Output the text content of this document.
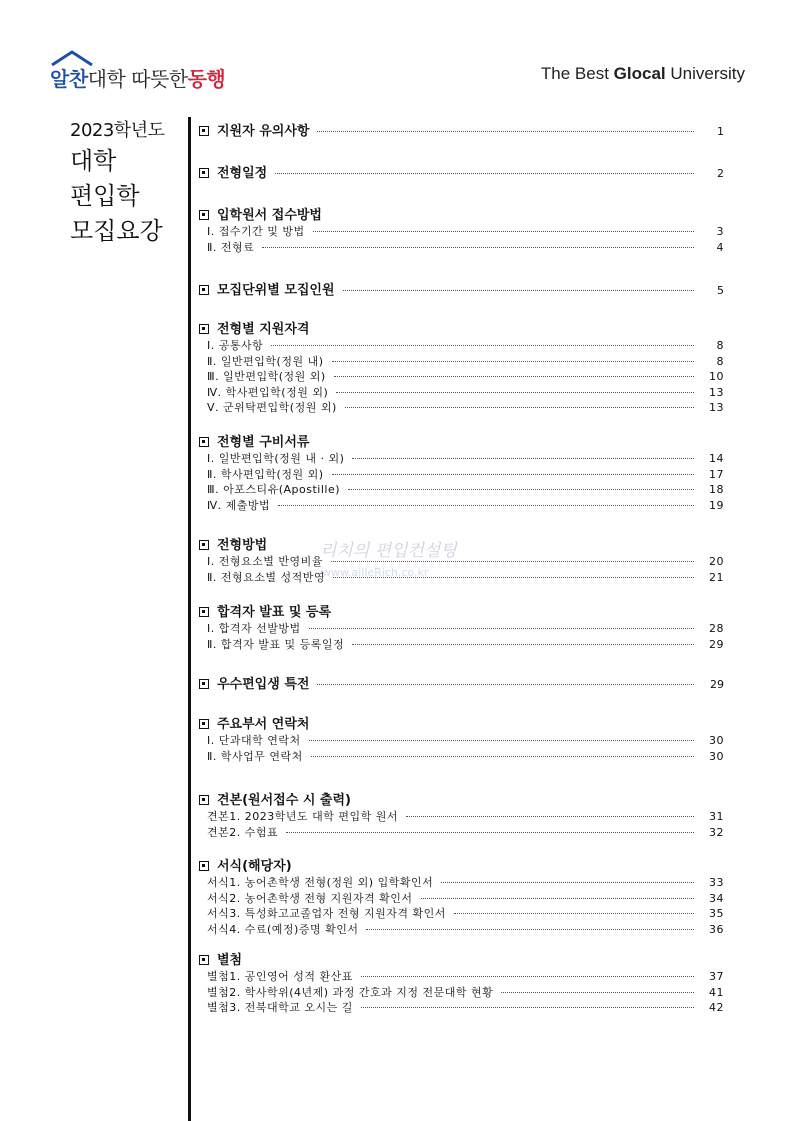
알찬대학 따뜻한동행	The Best Glocal University
2023학년도
대학
편입학
모집요강
지원자 유의사항	1
전형일정	2
입학원서 접수방법
Ⅰ. 접수기간 및 방법	3
Ⅱ. 전형료	4
모집단위별 모집인원	5
전형별 지원자격
Ⅰ. 공통사항	8
Ⅱ. 일반편입학(정원 내)	8
Ⅲ. 일반편입학(정원 외)	10
Ⅳ. 학사편입학(정원 외)	13
Ⅴ. 군위탁편입학(정원 외)	13
전형별 구비서류
Ⅰ. 일반편입학(정원 내 · 외)	14
Ⅱ. 학사편입학(정원 외)	17
Ⅲ. 아포스티유(Apostille)	18
Ⅳ. 제출방법	19
전형방법
Ⅰ. 전형요소별 반영비율	20
Ⅱ. 전형요소별 성적반영	21
합격자 발표 및 등록
Ⅰ. 합격자 선발방법	28
Ⅱ. 합격자 발표 및 등록일정	29
우수편입생 특전	29
주요부서 연락처
Ⅰ. 단과대학 연락처	30
Ⅱ. 학사업무 연락처	30
견본(원서접수 시 출력)
견본1. 2023학년도 대학 편입학 원서	31
견본2. 수험표	32
서식(해당자)
서식1. 농어촌학생 전형(정원 외) 입학확인서	33
서식2. 농어촌학생 전형 지원자격 확인서	34
서식3. 특성화고교졸업자 전형 지원자격 확인서	35
서식4. 수료(예정)증명 확인서	36
별첨
별첨1. 공인영어 성적 환산표	37
별첨2. 학사학위(4년제) 과정 간호과 지정 전문대학 현황	41
별첨3. 전북대학교 오시는 길	42
리치의 편입컨설팅
www.ailleRich.co.kr
